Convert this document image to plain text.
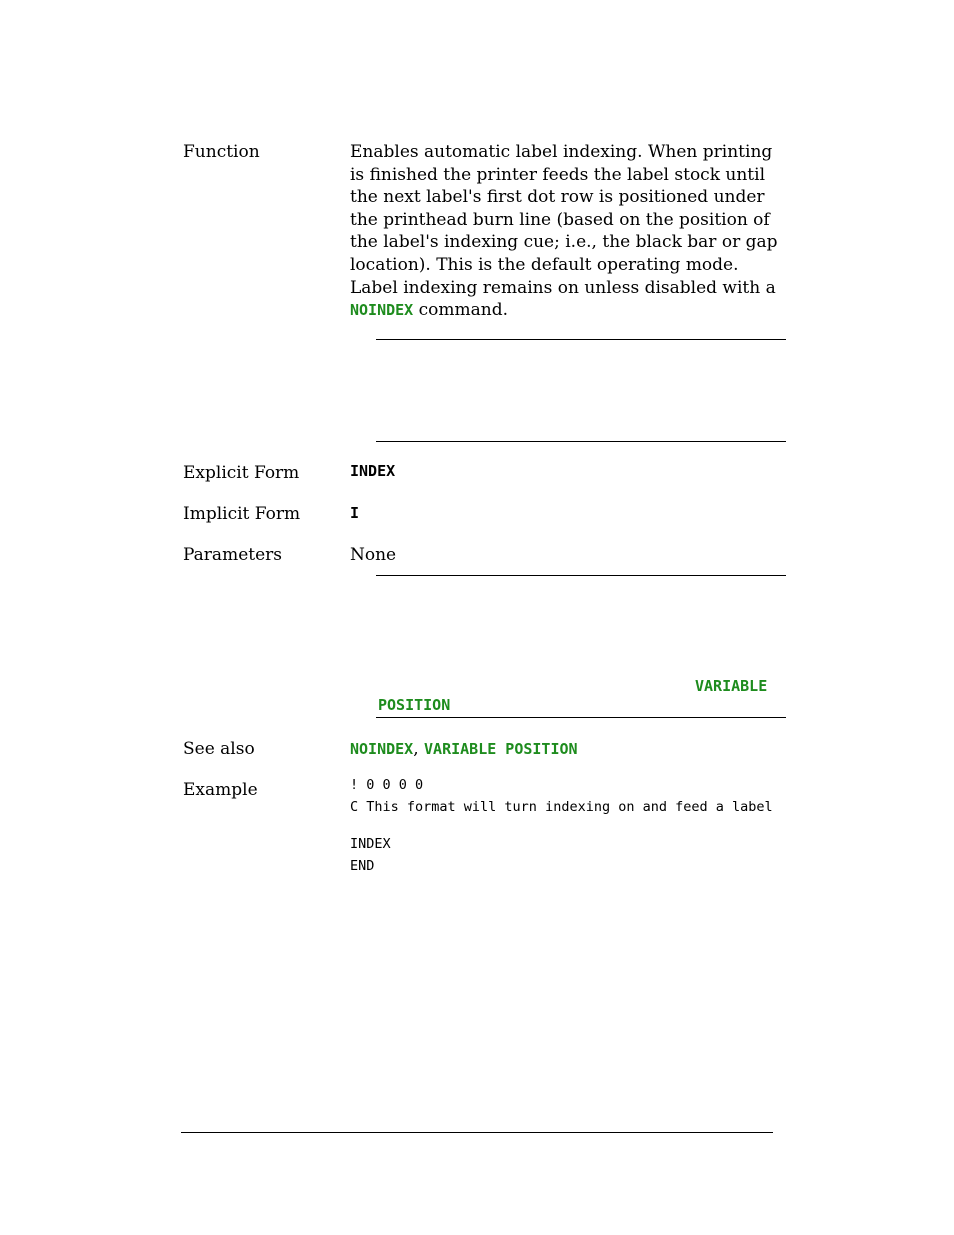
Function	Enables automatic label indexing. When printing is finished the printer feeds the label stock until the next label's first dot row is positioned under the printhead burn line (based on the position of the label's indexing cue; i.e., the black bar or gap location). This is the default operating mode. Label indexing remains on unless disabled with a NOINDEX command.
Explicit Form	INDEX
Implicit Form	I
Parameters	None
VARIABLE
POSITION
See also	NOINDEX, VARIABLE POSITION
Example	! 0 0 0 0
C This format will turn indexing on and feed a label
INDEX
END
